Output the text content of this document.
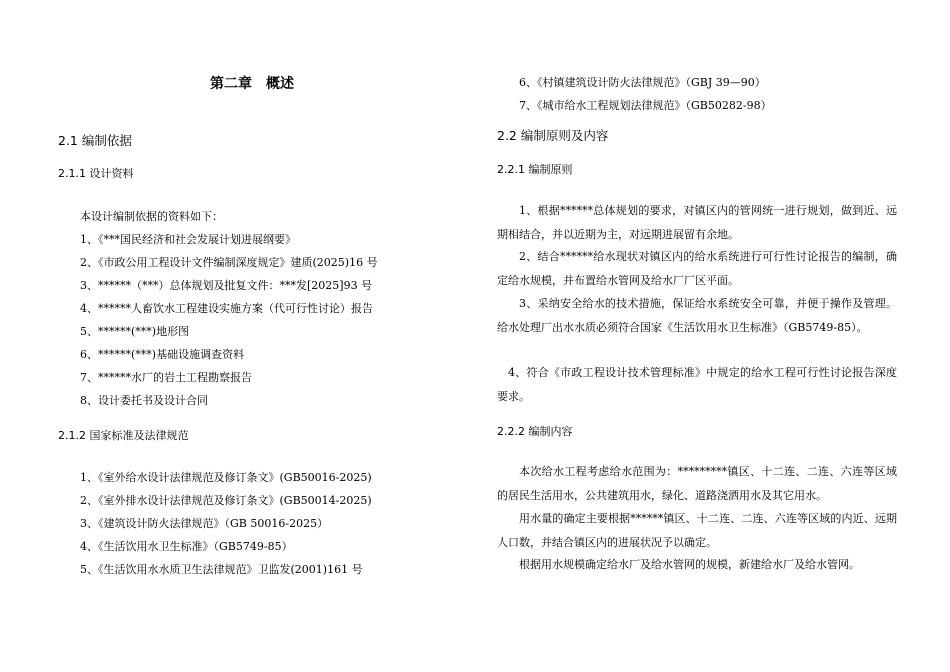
第二章　概述
2.1 编制依据
2.1.1 设计资料
本设计编制依据的资料如下：
1、《***国民经济和社会发展计划进展纲要》
2、《市政公用工程设计文件编制深度规定》建质(2025)16 号
3、******（***）总体规划及批复文件：***发[2025]93 号
4、******人畜饮水工程建设实施方案（代可行性讨论）报告
5、******(***)地形图
6、******(***)基础设施调查资料
7、******水厂的岩土工程勘察报告
8、设计委托书及设计合同
2.1.2 国家标准及法律规范
1、《室外给水设计法律规范及修订条文》(GB50016-2025)
2、《室外排水设计法律规范及修订条文》(GB50014-2025)
3、《建筑设计防火法律规范》（GB 50016-2025）
4、《生活饮用水卫生标准》（GB5749-85）
5、《生活饮用水水质卫生法律规范》卫监发(2001)161 号
6、《村镇建筑设计防火法律规范》（GBJ 39—90）
7、《城市给水工程规划法律规范》（GB50282-98）
2.2 编制原则及内容
2.2.1 编制原则
1、根据******总体规划的要求，对镇区内的管网统一进行规划，做到近、远期相结合，并以近期为主，对远期进展留有余地。
2、结合******给水现状对镇区内的给水系统进行可行性讨论报告的编制，确定给水规模，并布置给水管网及给水厂厂区平面。
3、采纳安全给水的技术措施，保证给水系统安全可靠，并便于操作及管理。给水处理厂出水水质必须符合国家《生活饮用水卫生标准》（GB5749-85）。
4、符合《市政工程设计技术管理标准》中规定的给水工程可行性讨论报告深度要求。
2.2.2 编制内容
本次给水工程考虑给水范围为：*********镇区、十二连、二连、六连等区域的居民生活用水，公共建筑用水，绿化、道路浇洒用水及其它用水。
用水量的确定主要根据******镇区、十二连、二连、六连等区域的内近、远期人口数，并结合镇区内的进展状况予以确定。
根据用水规模确定给水厂及给水管网的规模，新建给水厂及给水管网。
